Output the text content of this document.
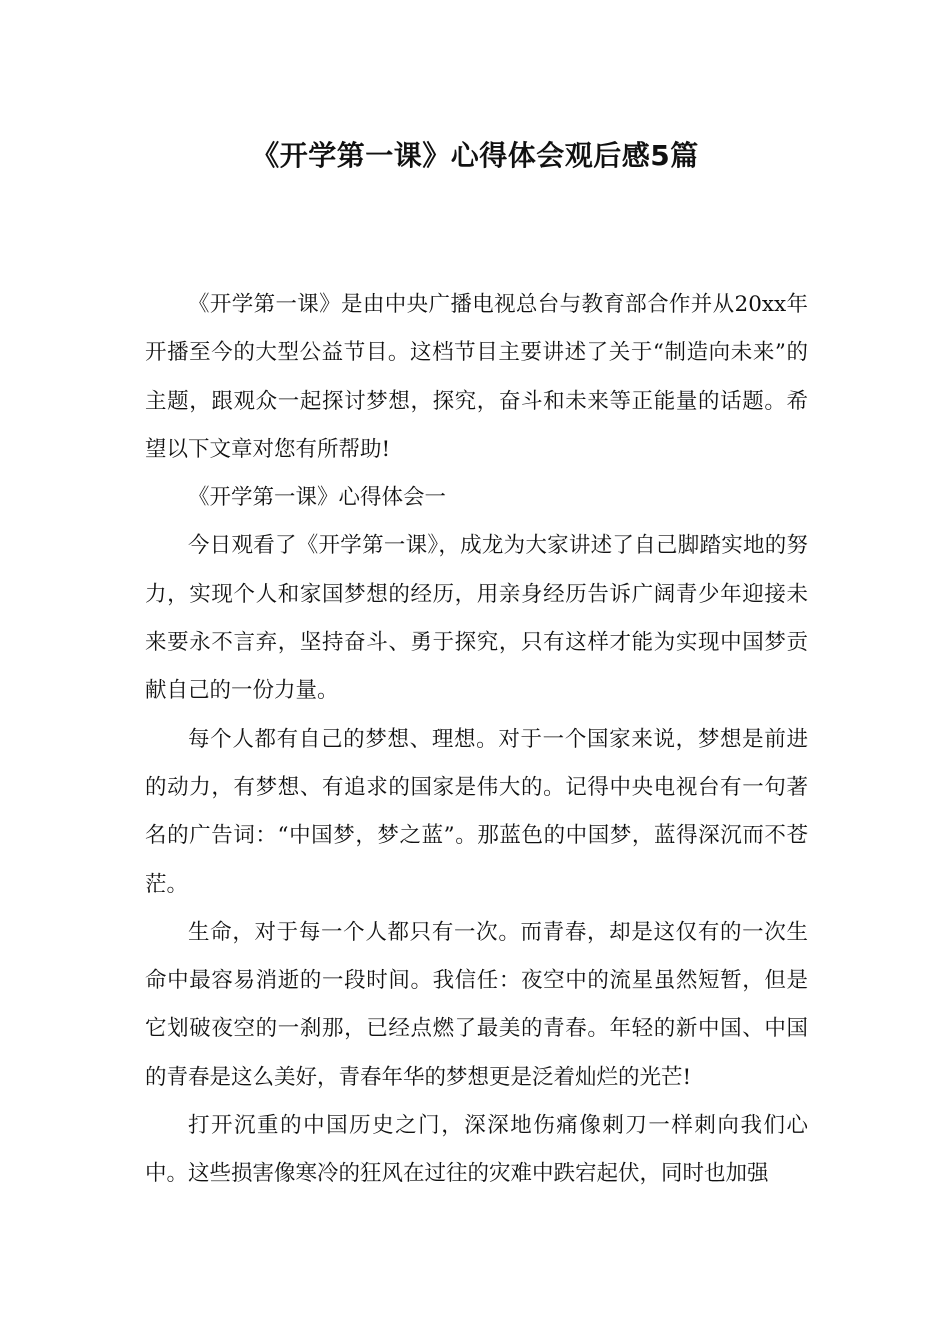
《开学第一课》心得体会观后感5篇

《开学第一课》是由中央广播电视总台与教育部合作并从20xx年开播至今的大型公益节目。这档节目主要讲述了关于“制造向未来”的主题，跟观众一起探讨梦想，探究，奋斗和未来等正能量的话题。希望以下文章对您有所帮助!

《开学第一课》心得体会一

今日观看了《开学第一课》，成龙为大家讲述了自己脚踏实地的努力，实现个人和家国梦想的经历，用亲身经历告诉广阔青少年迎接未来要永不言弃，坚持奋斗、勇于探究，只有这样才能为实现中国梦贡献自己的一份力量。

每个人都有自己的梦想、理想。对于一个国家来说，梦想是前进的动力，有梦想、有追求的国家是伟大的。记得中央电视台有一句著名的广告词：“中国梦，梦之蓝”。那蓝色的中国梦，蓝得深沉而不苍茫。

生命，对于每一个人都只有一次。而青春，却是这仅有的一次生命中最容易消逝的一段时间。我信任：夜空中的流星虽然短暂，但是它划破夜空的一刹那，已经点燃了最美的青春。年轻的新中国、中国的青春是这么美好，青春年华的梦想更是泛着灿烂的光芒!

打开沉重的中国历史之门，深深地伤痛像刺刀一样刺向我们心中。这些损害像寒冷的狂风在过往的灾难中跌宕起伏，同时也加强
